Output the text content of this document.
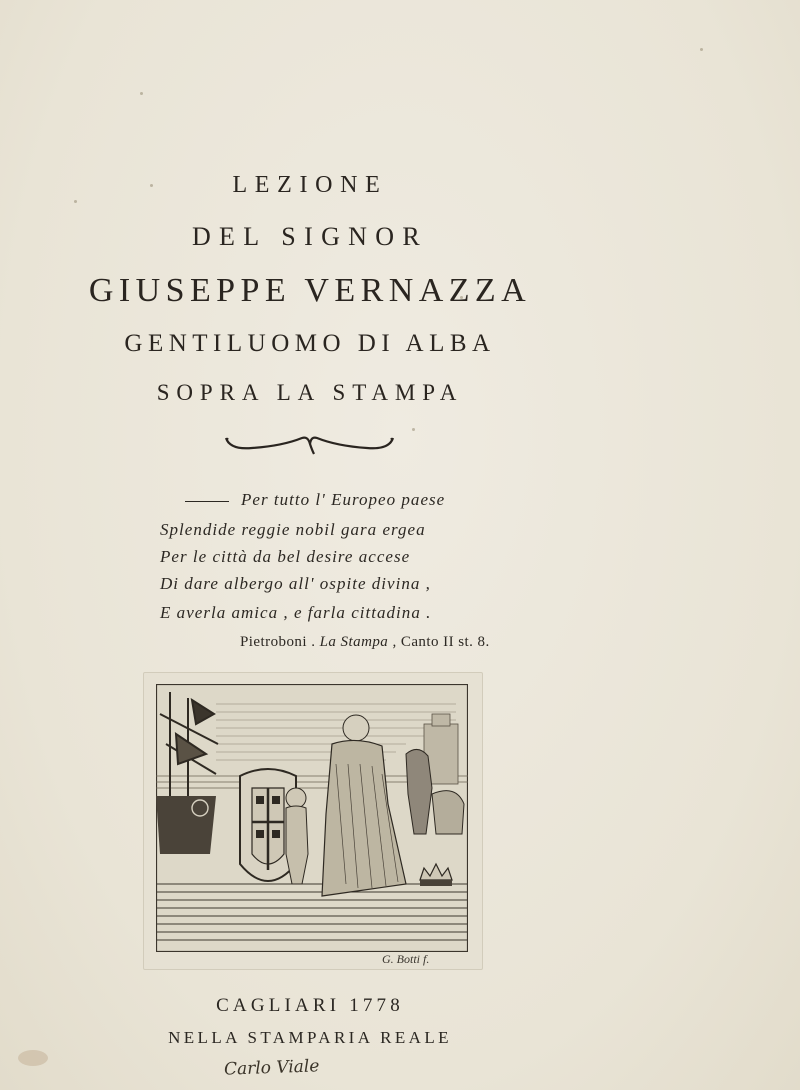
LEZIONE
DEL SIGNOR
GIUSEPPE VERNAZZA
GENTILUOMO DI ALBA
SOPRA LA STAMPA
Per tutto l' Europeo paese
Splendide reggie nobil gara ergea
Per le città da bel desire accese
Di dare albergo all' ospite divina ,
E averla amica , e farla cittadina .
Pietroboni . La Stampa , Canto II st. 8.
G. Botti f.
CAGLIARI 1778
NELLA STAMPARIA REALE
Carlo Viale
